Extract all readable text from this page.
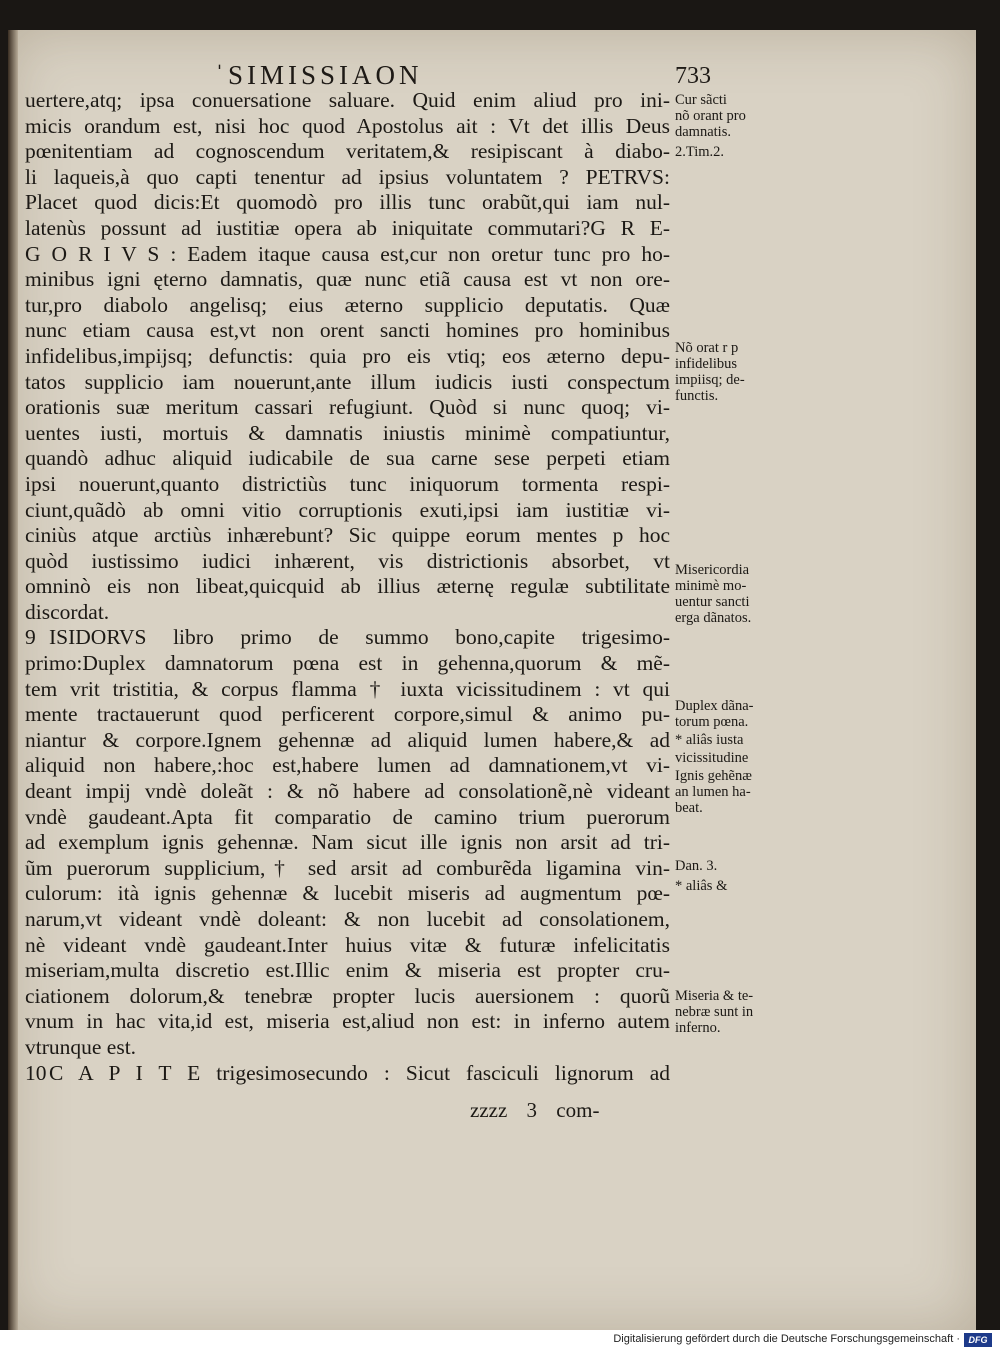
ˈSIMISSIAON	733
uertere,atq; ipsa conuersatione saluare. Quid enim aliud pro ini-
micis orandum est, nisi hoc quod Apostolus ait : Vt det illis Deus
pœnitentiam ad cognoscendum veritatem,& resipiscant à diabo-
li laqueis,à quo capti tenentur ad ipsius voluntatem ? PETRVS:
Placet quod dicis:Et quomodò pro illis tunc orabũt,qui iam nul-
latenùs possunt ad iustitiæ opera ab iniquitate commutari?G R E-
G O R I V S : Eadem itaque causa est,cur non oretur tunc pro ho-
minibus igni ęterno damnatis, quæ nunc etiã causa est vt non ore-
tur,pro diabolo angelisq; eius æterno supplicio deputatis. Quæ
nunc etiam causa est,vt non orent sancti homines pro hominibus
infidelibus,impijsq; defunctis: quia pro eis vtiq; eos æterno depu-
tatos supplicio iam nouerunt,ante illum iudicis iusti conspectum
orationis suæ meritum cassari refugiunt. Quòd si nunc quoq; vi-
uentes iusti, mortuis & damnatis iniustis minimè compatiuntur,
quandò adhuc aliquid iudicabile de sua carne sese perpeti etiam
ipsi nouerunt,quanto districtiùs tunc iniquorum tormenta respi-
ciunt,quãdò ab omni vitio corruptionis exuti,ipsi iam iustitiæ vi-
ciniùs atque arctiùs inhærebunt? Sic quippe eorum mentes p hoc
quòd iustissimo iudici inhærent, vis districtionis absorbet, vt
omninò eis non libeat,quicquid ab illius æternę regulæ subtilitate
discordat.
9 ISIDORVS libro primo de summo bono,capite trigesimo-
primo:Duplex damnatorum pœna est in gehenna,quorum & mẽ-
tem vrit tristitia, & corpus flamma † iuxta vicissitudinem : vt qui
mente tractauerunt quod perficerent corpore,simul & animo pu-
niantur & corpore.Ignem gehennæ ad aliquid lumen habere,& ad
aliquid non habere,:hoc est,habere lumen ad damnationem,vt vi-
deant impij vndè doleãt : & nõ habere ad consolationẽ,nè videant
vndè gaudeant.Apta fit comparatio de camino trium puerorum
ad exemplum ignis gehennæ. Nam sicut ille ignis non arsit ad tri-
ũm puerorum supplicium,† sed arsit ad comburẽda ligamina vin-
culorum: ità ignis gehennæ & lucebit miseris ad augmentum pœ-
narum,vt videant vndè doleant: & non lucebit ad consolationem,
nè videant vndè gaudeant.Inter huius vitæ & futuræ infelicitatis
miseriam,multa discretio est.Illic enim & miseria est propter cru-
ciationem dolorum,& tenebræ propter lucis auersionem : quorũ
vnum in hac vita,id est, miseria est,aliud non est: in inferno autem
vtrunque est.
10 C A P I T E trigesimosecundo : Sicut fasciculi lignorum ad
Cur sãcti
nõ orant pro
damnatis.
2.Tim.2.
Nõ orat r p
infidelibus
impiisq; de-
functis.
Misericordia
minimè mo-
uentur sancti
erga dãnatos.
Duplex dãna-
torum pœna.
* aliâs iusta
vicissitudine
Ignis gehẽnæ
an lumen ha-
beat.
Dan. 3.
* aliâs &
Miseria & te-
nebræ sunt in
inferno.
zzzz 3 com-
Digitalisierung gefördert durch die Deutsche Forschungsgemeinschaft · DFG
